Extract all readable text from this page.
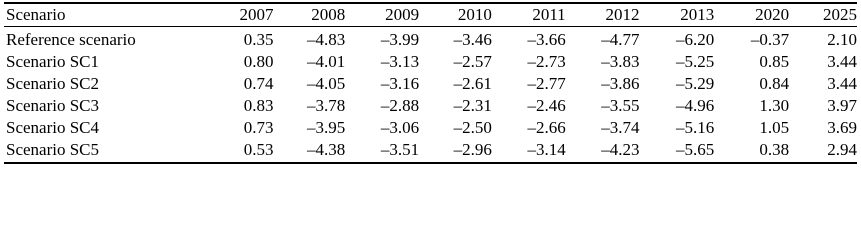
Scenario	2007	2008	2009	2010	2011	2012	2013	2020	2025
Reference scenario	0.35	–4.83	–3.99	–3.46	–3.66	–4.77	–6.20	–0.37	2.10
Scenario SC1	0.80	–4.01	–3.13	–2.57	–2.73	–3.83	–5.25	0.85	3.44
Scenario SC2	0.74	–4.05	–3.16	–2.61	–2.77	–3.86	–5.29	0.84	3.44
Scenario SC3	0.83	–3.78	–2.88	–2.31	–2.46	–3.55	–4.96	1.30	3.97
Scenario SC4	0.73	–3.95	–3.06	–2.50	–2.66	–3.74	–5.16	1.05	3.69
Scenario SC5	0.53	–4.38	–3.51	–2.96	–3.14	–4.23	–5.65	0.38	2.94
